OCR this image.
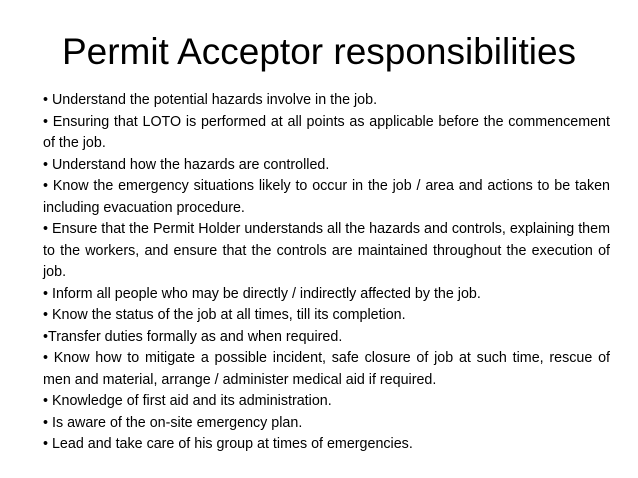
Permit Acceptor responsibilities
• Understand the potential hazards involve in the job.
• Ensuring that LOTO is performed at all points as applicable before the commencement of the job.
• Understand how the hazards are controlled.
• Know the emergency situations likely to occur in the job / area and actions to be taken including evacuation procedure.
• Ensure that the Permit Holder understands all the hazards and controls, explaining them to the workers, and ensure that the controls are maintained throughout the execution of job.
• Inform all people who may be directly / indirectly affected by the job.
• Know the status of the job at all times, till its completion.
•Transfer duties formally as and when required.
• Know how to mitigate a possible incident, safe closure of job at such time, rescue of men and material, arrange / administer medical aid if required.
• Knowledge of first aid and its administration.
• Is aware of the on-site emergency plan.
• Lead and take care of his group at times of emergencies.
